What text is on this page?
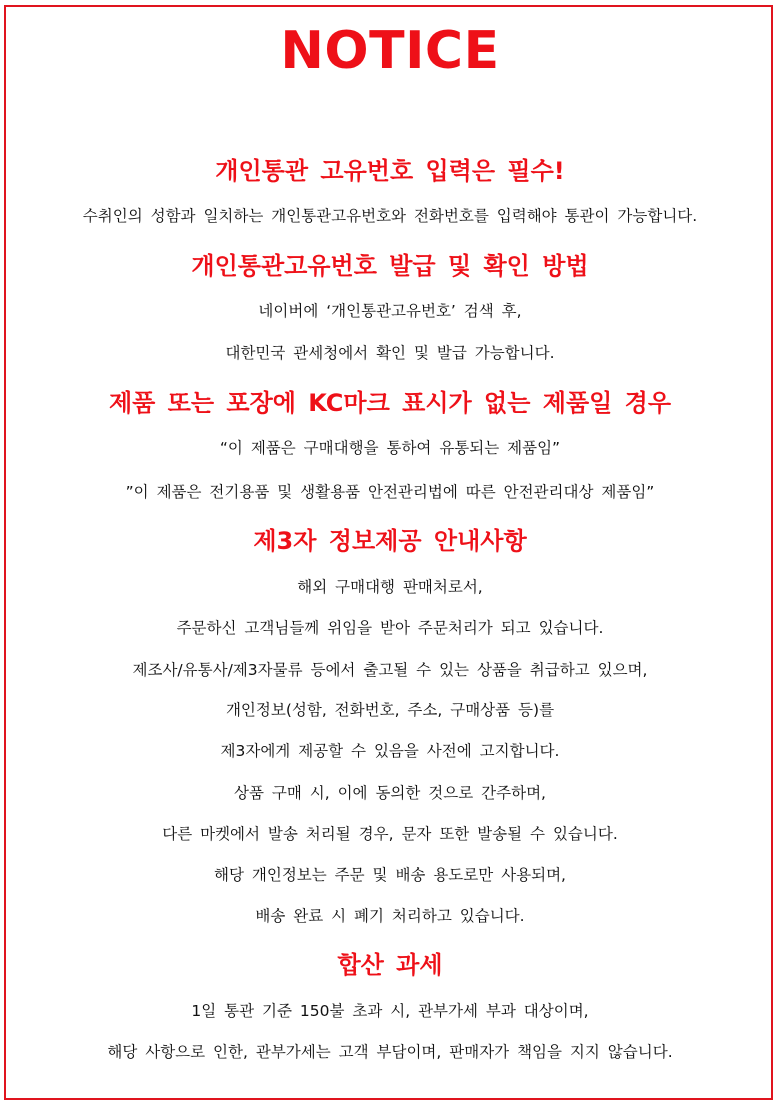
NOTICE
개인통관 고유번호 입력은 필수!

수취인의 성함과 일치하는 개인통관고유번호와 전화번호를 입력해야 통관이 가능합니다.

개인통관고유번호 발급 및 확인 방법

네이버에 ‘개인통관고유번호’ 검색 후,

대한민국 관세청에서 확인 및 발급 가능합니다.

제품 또는 포장에 KC마크 표시가 없는 제품일 경우

“이 제품은 구매대행을 통하여 유통되는 제품임”

”이 제품은 전기용품 및 생활용품 안전관리법에 따른 안전관리대상 제품임”

제3자 정보제공 안내사항

해외 구매대행 판매처로서,

주문하신 고객님들께 위임을 받아 주문처리가 되고 있습니다.

제조사/유통사/제3자물류 등에서 출고될 수 있는 상품을 취급하고 있으며,

개인정보(성함, 전화번호, 주소, 구매상품 등)를

제3자에게 제공할 수 있음을 사전에 고지합니다.

상품 구매 시, 이에 동의한 것으로 간주하며,

다른 마켓에서 발송 처리될 경우, 문자 또한 발송될 수 있습니다.

해당 개인정보는 주문 및 배송 용도로만 사용되며,

배송 완료 시 폐기 처리하고 있습니다.

합산 과세

1일 통관 기준 150불 초과 시, 관부가세 부과 대상이며,

해당 사항으로 인한, 관부가세는 고객 부담이며, 판매자가 책임을 지지 않습니다.
